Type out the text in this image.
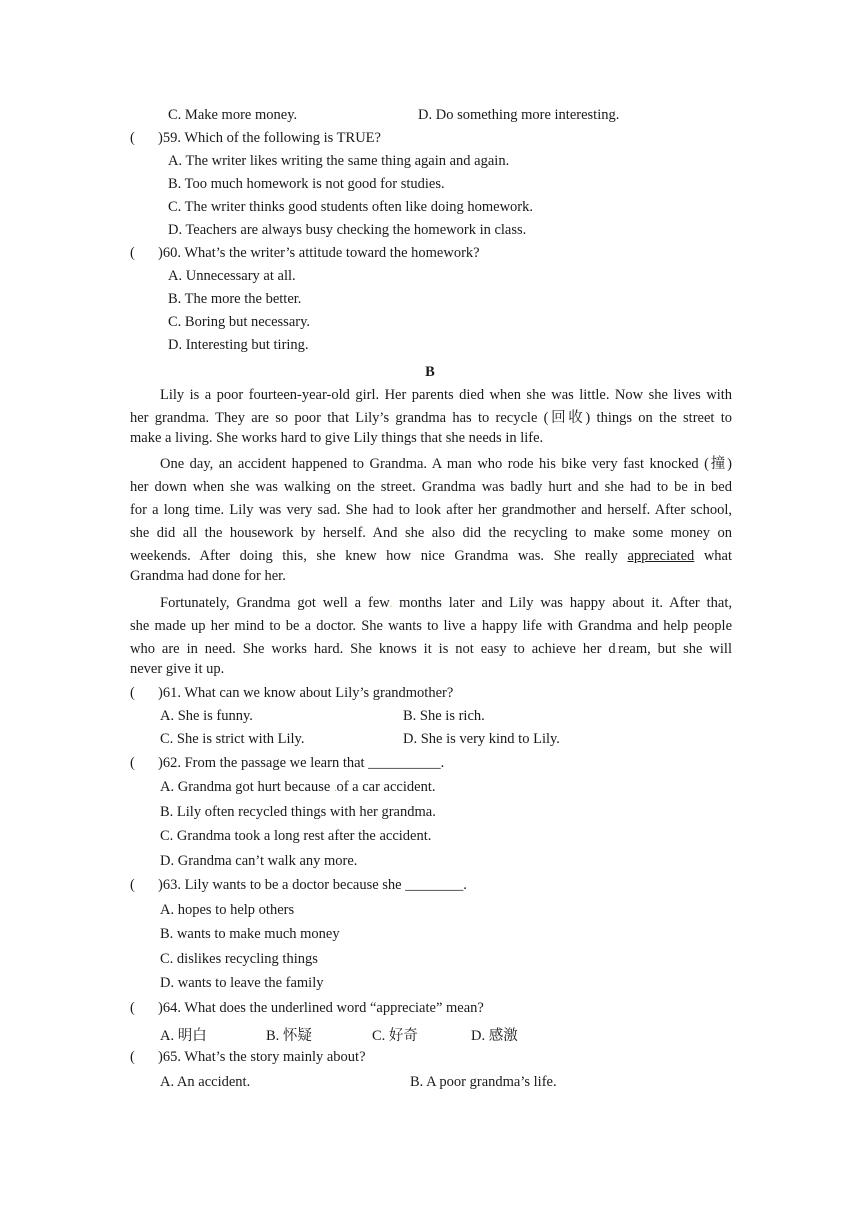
C. Make more money.	D. Do something more interesting.
( )59. Which of the following is TRUE?
A. The writer likes writing the same thing again and again.
B. Too much homework is not good for studies.
C. The writer thinks good students often like doing homework.
D. Teachers are always busy checking the homework in class.
( )60. What’s the writer’s attitude toward the homework?
A. Unnecessary at all.
B. The more the better.
C. Boring but necessary.
D. Interesting but tiring.
B
Lily is a poor fourteen-year-old girl. Her parents died when she was little. Now she lives with
her grandma. They are so poor that Lily’s grandma has to recycle (回收) things on the street to
make a living. She works hard to give Lily things that she needs in life.
One day, an accident happened to Grandma. A man who rode his bike very fast knocked (撞)
her down when she was walking on the street. Grandma was badly hurt and she had to be in bed
for a long time. Lily was very sad. She had to look after her grandmother and herself. After school,
she did all the housework by herself. And she also did the recycling to make some money on
weekends. After doing this, she knew how nice Grandma was. She really appreciated what
Grandma had done for her.
Fortunately, Grandma got well a few. months later and Lily was happy about it. After that,
she made up her mind to be a doctor. She wants to live a happy life with Grandma and help people
who are in need. She works hard. She knows it is not easy to achieve her d.ream, but she will
never give it up.
( )61. What can we know about Lily’s grandmother?
A. She is funny.	B. She is rich.
C. She is strict with Lily.	D. She is very kind to Lily.
( )62. From the passage we learn that __________.
A. Grandma got hurt because .of a car accident.
B. Lily often recycled things with her grandma.
C. Grandma took a long rest after the accident.
D. Grandma can’t walk any more.
( )63. Lily wants to be a doctor because she ________.
A. hopes to help others
B. wants to make much money
C. dislikes recycling things
D. wants to leave the family
( )64. What does the underlined word “appreciate” mean?
A. 明白	B. 怀疑	C. 好奇	D. 感激
( )65. What’s the story mainly about?
A. An accident.	B. A poor grandma’s life.
